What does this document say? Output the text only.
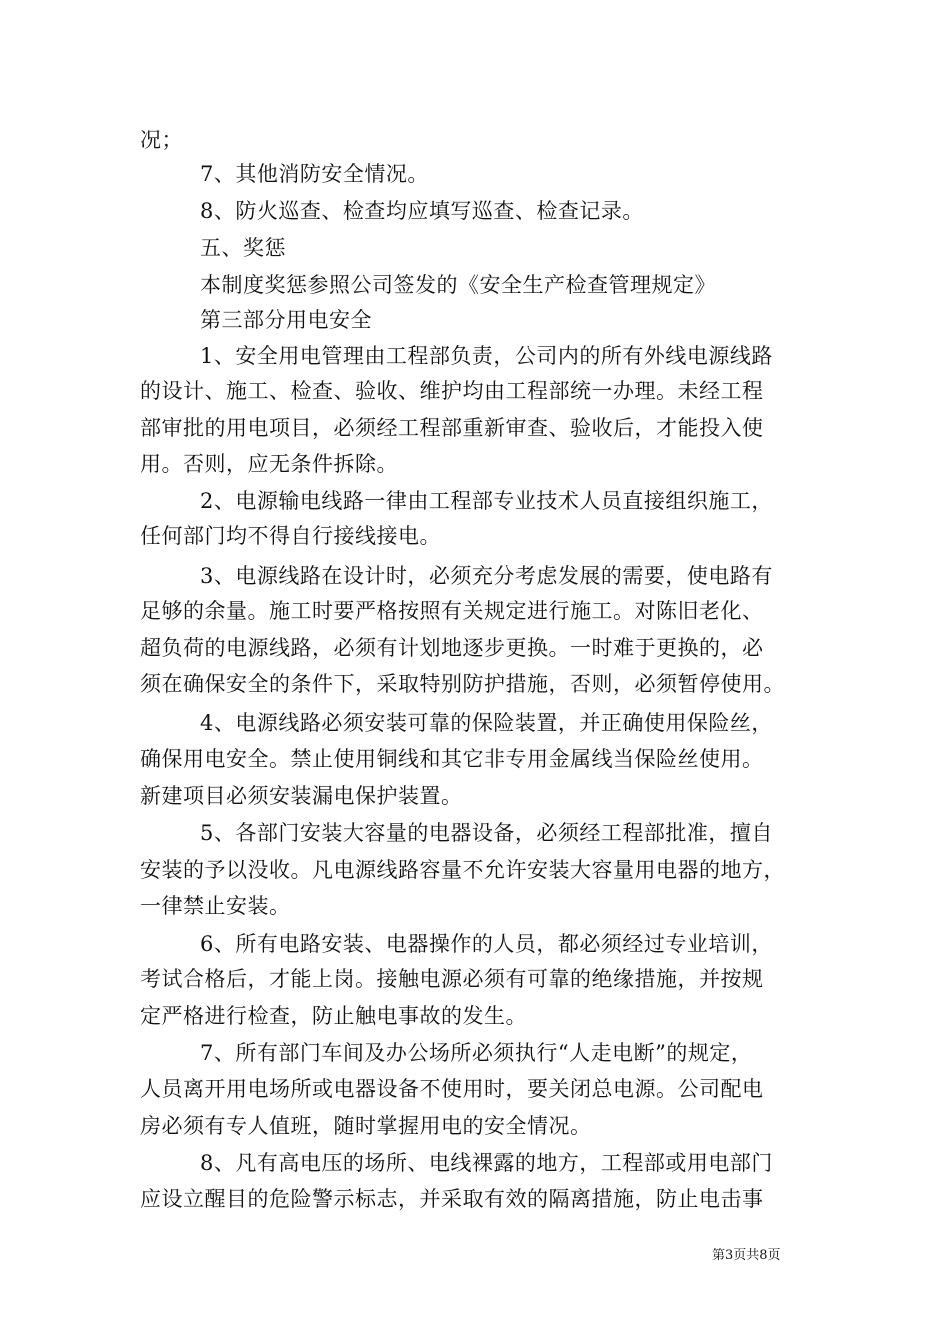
况；
7、其他消防安全情况。
8、防火巡查、检查均应填写巡查、检查记录。
五、奖惩
本制度奖惩参照公司签发的《安全生产检查管理规定》
第三部分用电安全
1、安全用电管理由工程部负责，公司内的所有外线电源线路
的设计、施工、检查、验收、维护均由工程部统一办理。未经工程
部审批的用电项目，必须经工程部重新审查、验收后，才能投入使
用。否则，应无条件拆除。
2、电源输电线路一律由工程部专业技术人员直接组织施工，
任何部门均不得自行接线接电。
3、电源线路在设计时，必须充分考虑发展的需要，使电路有
足够的余量。施工时要严格按照有关规定进行施工。对陈旧老化、
超负荷的电源线路，必须有计划地逐步更换。一时难于更换的，必
须在确保安全的条件下，采取特别防护措施，否则，必须暂停使用。
4、电源线路必须安装可靠的保险装置，并正确使用保险丝，
确保用电安全。禁止使用铜线和其它非专用金属线当保险丝使用。
新建项目必须安装漏电保护装置。
5、各部门安装大容量的电器设备，必须经工程部批准，擅自
安装的予以没收。凡电源线路容量不允许安装大容量用电器的地方，
一律禁止安装。
6、所有电路安装、电器操作的人员，都必须经过专业培训，
考试合格后，才能上岗。接触电源必须有可靠的绝缘措施，并按规
定严格进行检查，防止触电事故的发生。
7、所有部门车间及办公场所必须执行“人走电断”的规定，
人员离开用电场所或电器设备不使用时，要关闭总电源。公司配电
房必须有专人值班，随时掌握用电的安全情况。
8、凡有高电压的场所、电线裸露的地方，工程部或用电部门
应设立醒目的危险警示标志，并采取有效的隔离措施，防止电击事
第3页共8页
